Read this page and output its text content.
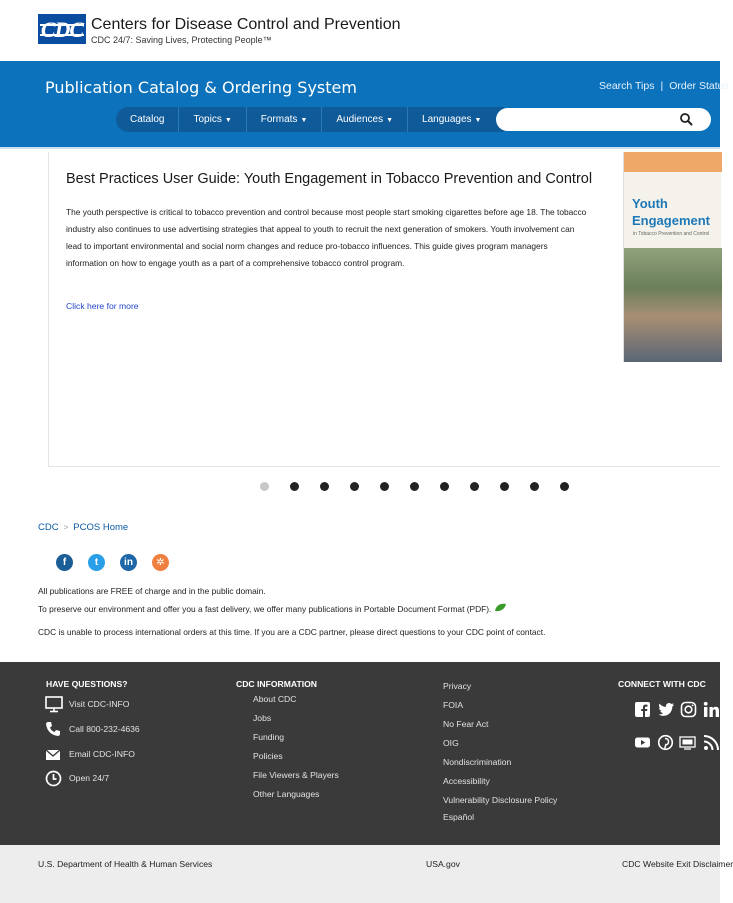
CDC Centers for Disease Control and Prevention
CDC 24/7: Saving Lives, Protecting People™
Publication Catalog & Ordering System	Search Tips | Order Status
Catalog	Topics ▼	Formats ▼	Audiences ▼	Languages ▼
Best Practices User Guide: Youth Engagement in Tobacco Prevention and Control
The youth perspective is critical to tobacco prevention and control because most people start smoking cigarettes before age 18. The tobacco industry also continues to use advertising strategies that appeal to youth to recruit the next generation of smokers. Youth involvement can lead to important environmental and social norm changes and reduce pro-tobacco influences. This guide gives program managers information on how to engage youth as a part of a comprehensive tobacco control program.
Click here for more
Youth
Engagement
in Tobacco Prevention and Control
CDC > PCOS Home
f	t	in	✲
All publications are FREE of charge and in the public domain.
To preserve our environment and offer you a fast delivery, we offer many publications in Portable Document Format (PDF).
CDC is unable to process international orders at this time. If you are a CDC partner, please direct questions to your CDC point of contact.
HAVE QUESTIONS?
Visit CDC-INFO
Call 800-232-4636
Email CDC-INFO
Open 24/7
CDC INFORMATION
About CDC
Jobs
Funding
Policies
File Viewers & Players
Other Languages
Privacy
FOIA
No Fear Act
OIG
Nondiscrimination
Accessibility
Vulnerability Disclosure Policy
Español
CONNECT WITH CDC
U.S. Department of Health & Human Services	USA.gov	CDC Website Exit Disclaimer
